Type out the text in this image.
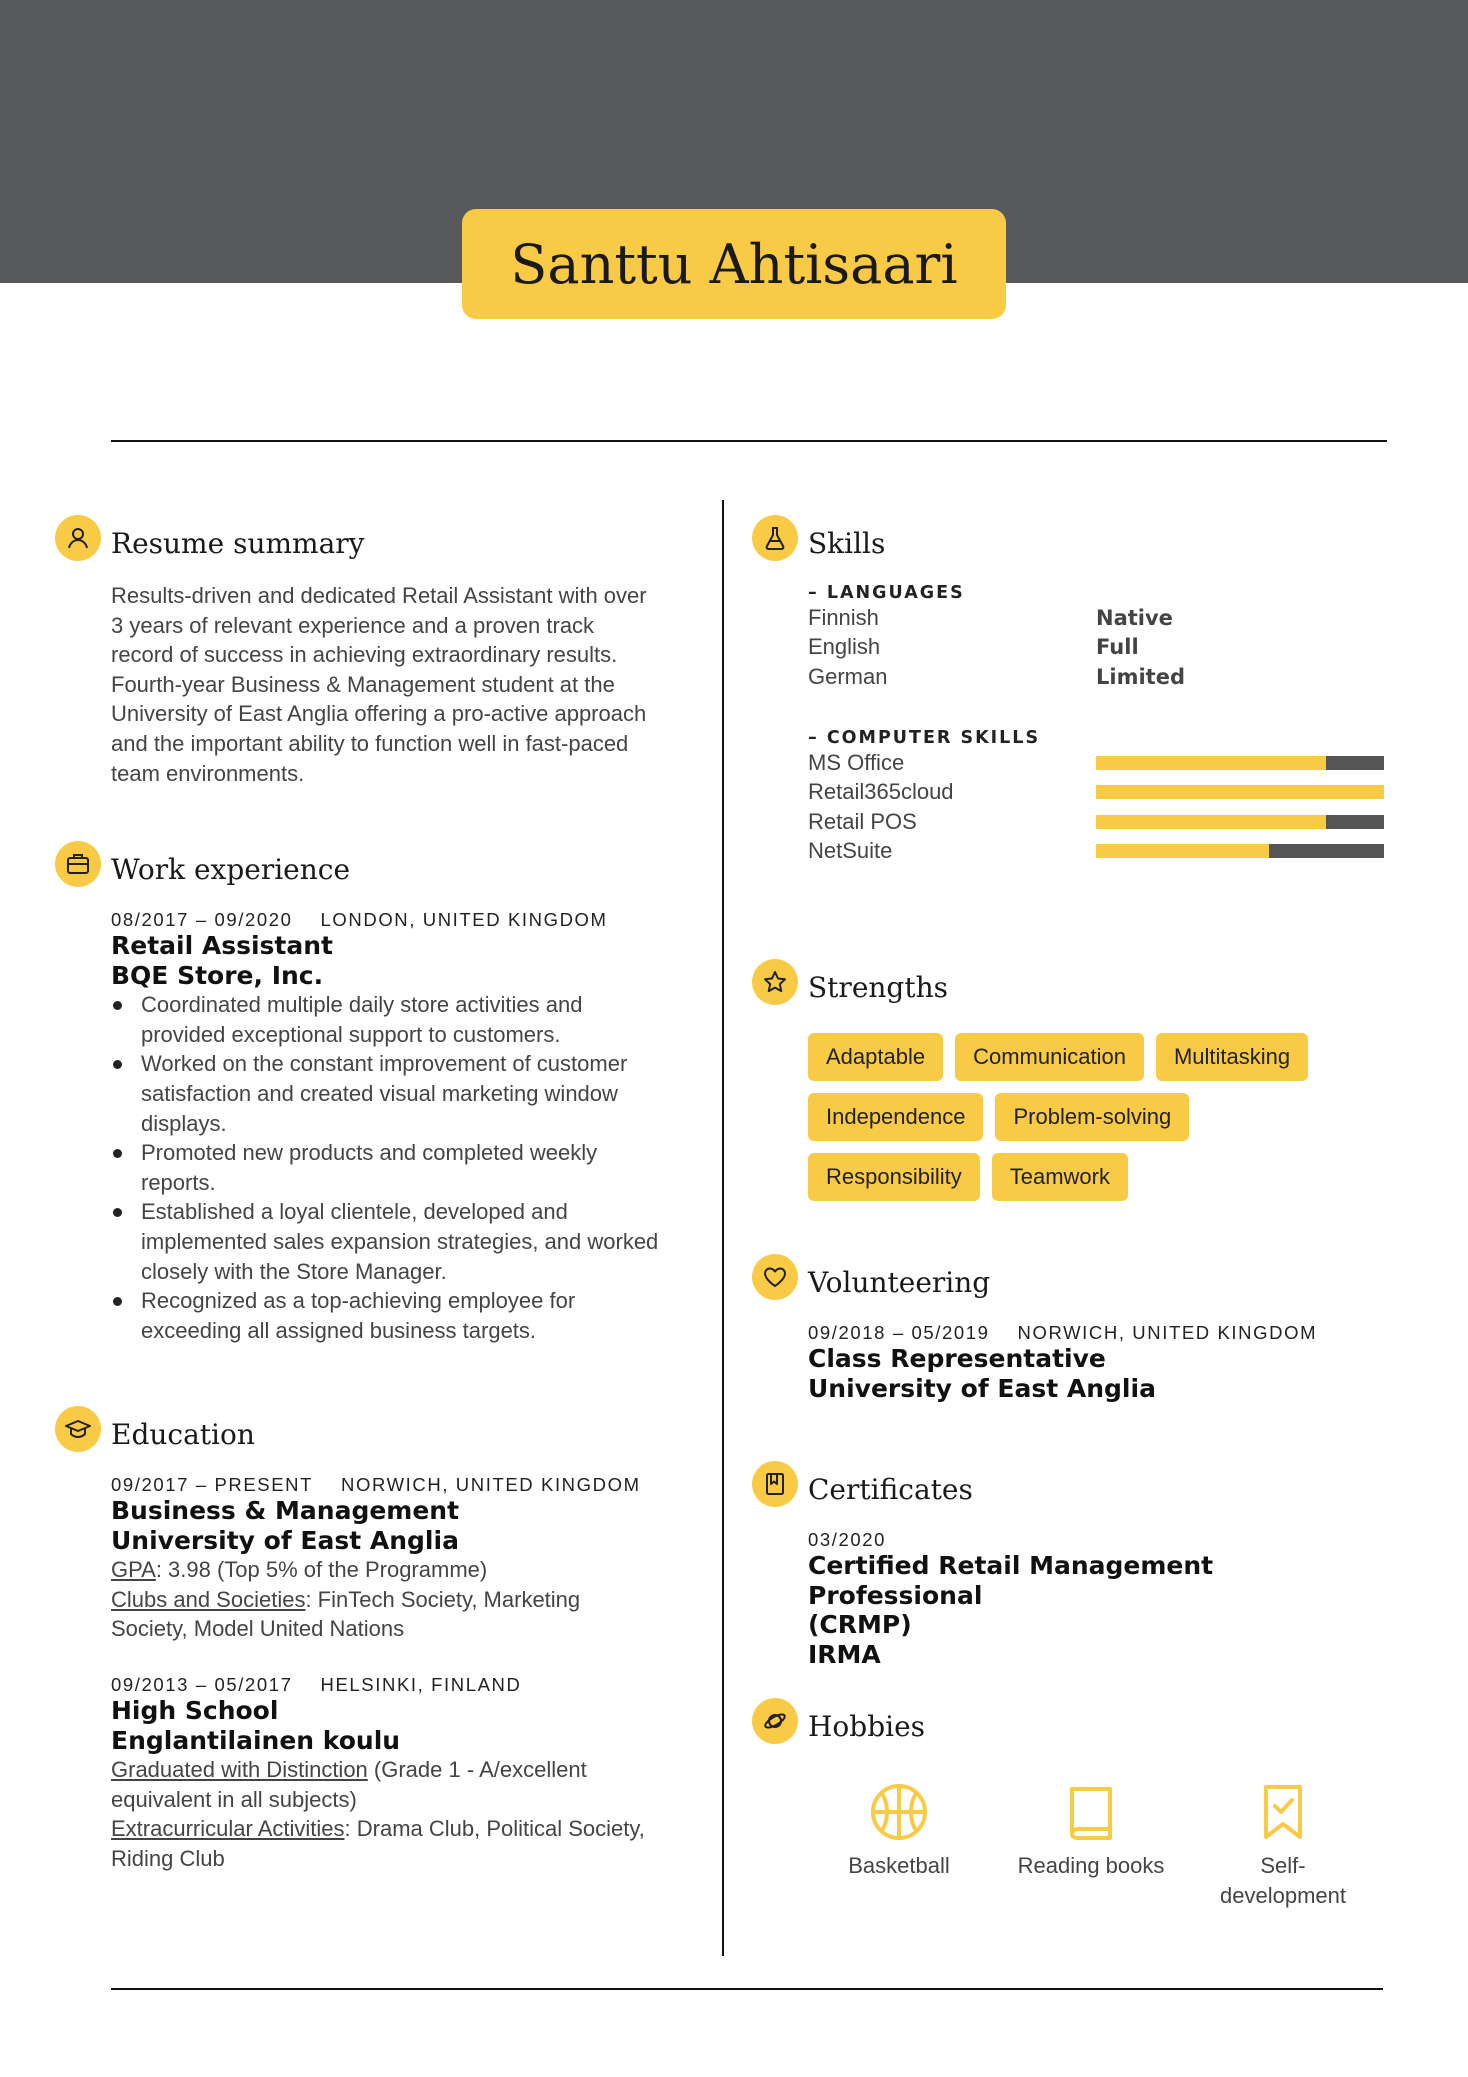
Santtu Ahtisaari
Resume summary
Results-driven and dedicated Retail Assistant with over
3 years of relevant experience and a proven track
record of success in achieving extraordinary results.
Fourth-year Business & Management student at the
University of East Anglia offering a pro-active approach
and the important ability to function well in fast-paced
team environments.
Work experience
08/2017 – 09/2020 LONDON, UNITED KINGDOM
Retail Assistant
BQE Store, Inc.
Coordinated multiple daily store activities and
provided exceptional support to customers.
Worked on the constant improvement of customer
satisfaction and created visual marketing window
displays.
Promoted new products and completed weekly
reports.
Established a loyal clientele, developed and
implemented sales expansion strategies, and worked
closely with the Store Manager.
Recognized as a top-achieving employee for
exceeding all assigned business targets.
Education
09/2017 – PRESENT NORWICH, UNITED KINGDOM
Business & Management
University of East Anglia
GPA: 3.98 (Top 5% of the Programme)
Clubs and Societies: FinTech Society, Marketing
Society, Model United Nations
09/2013 – 05/2017 HELSINKI, FINLAND
High School
Englantilainen koulu
Graduated with Distinction (Grade 1 - A/excellent
equivalent in all subjects)
Extracurricular Activities: Drama Club, Political Society,
Riding Club
Skills
– LANGUAGES
Finnish	Native
English	Full
German	Limited
– COMPUTER SKILLS
MS Office
Retail365cloud
Retail POS
NetSuite
Strengths
Adaptable	Communication	Multitasking
Independence	Problem-solving
Responsibility	Teamwork
Volunteering
09/2018 – 05/2019 NORWICH, UNITED KINGDOM
Class Representative
University of East Anglia
Certificates
03/2020
Certified Retail Management Professional
(CRMP)
IRMA
Hobbies
Basketball	Reading books	Self-
development
